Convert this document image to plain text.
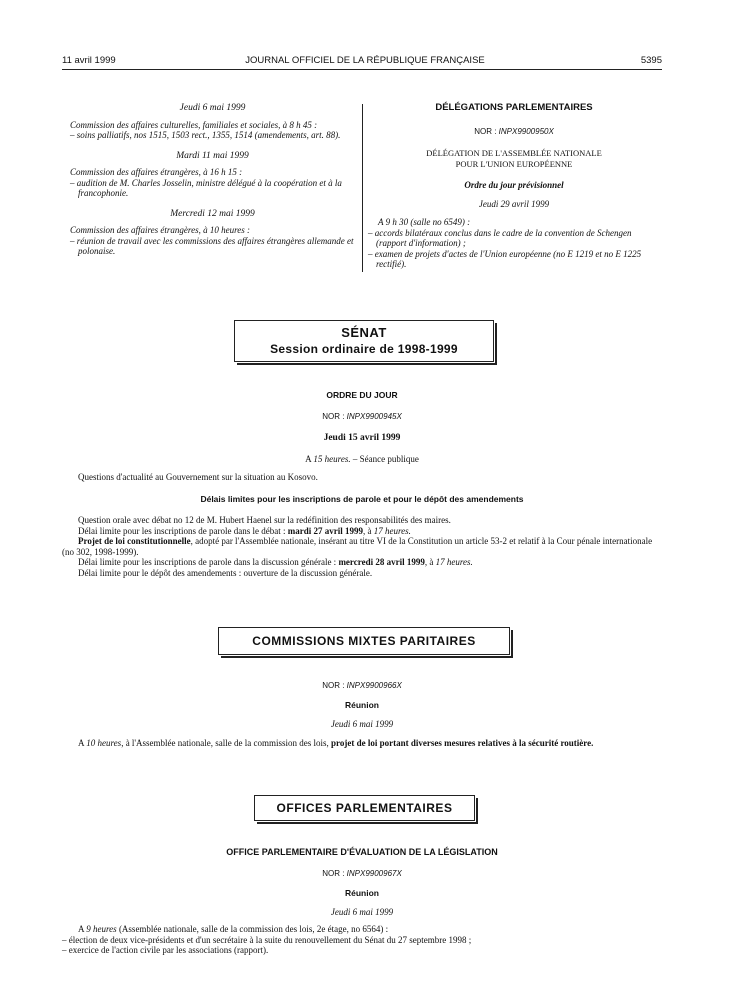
11 avril 1999	JOURNAL OFFICIEL DE LA RÉPUBLIQUE FRANÇAISE	5395

Jeudi 6 mai 1999

Commission des affaires culturelles, familiales et sociales, à 8 h 45 :

– soins palliatifs, nos 1515, 1503 rect., 1355, 1514 (amendements, art. 88).

Mardi 11 mai 1999

Commission des affaires étrangères, à 16 h 15 :

– audition de M. Charles Josselin, ministre délégué à la coopération et à la francophonie.

Mercredi 12 mai 1999

Commission des affaires étrangères, à 10 heures :

– réunion de travail avec les commissions des affaires étrangères allemande et polonaise.

DÉLÉGATIONS PARLEMENTAIRES

NOR : INPX9900950X

DÉLÉGATION DE L'ASSEMBLÉE NATIONALE

POUR L'UNION EUROPÉENNE

Ordre du jour prévisionnel

Jeudi 29 avril 1999

A 9 h 30 (salle no 6549) :

– accords bilatéraux conclus dans le cadre de la convention de Schengen (rapport d'information) ;

– examen de projets d'actes de l'Union européenne (no E 1219 et no E 1225 rectifié).

SÉNAT
Session ordinaire de 1998-1999
ORDRE DU JOUR
NOR : INPX9900945X
Jeudi 15 avril 1999
A 15 heures. – Séance publique

Questions d'actualité au Gouvernement sur la situation au Kosovo.

Délais limites pour les inscriptions de parole et pour le dépôt des amendements

Question orale avec débat no 12 de M. Hubert Haenel sur la redéfinition des responsabilités des maires.

Délai limite pour les inscriptions de parole dans le débat : mardi 27 avril 1999, à 17 heures.

Projet de loi constitutionnelle, adopté par l'Assemblée nationale, insérant au titre VI de la Constitution un article 53-2 et relatif à la Cour pénale internationale (no 302, 1998-1999).

Délai limite pour les inscriptions de parole dans la discussion générale : mercredi 28 avril 1999, à 17 heures.

Délai limite pour le dépôt des amendements : ouverture de la discussion générale.

COMMISSIONS MIXTES PARITAIRES
NOR : INPX9900966X
Réunion
Jeudi 6 mai 1999

A 10 heures, à l'Assemblée nationale, salle de la commission des lois, projet de loi portant diverses mesures relatives à la sécurité routière.

OFFICES PARLEMENTAIRES
OFFICE PARLEMENTAIRE D'ÉVALUATION DE LA LÉGISLATION
NOR : INPX9900967X
Réunion
Jeudi 6 mai 1999

A 9 heures (Assemblée nationale, salle de la commission des lois, 2e étage, no 6564) :

– élection de deux vice-présidents et d'un secrétaire à la suite du renouvellement du Sénat du 27 septembre 1998 ;

– exercice de l'action civile par les associations (rapport).
